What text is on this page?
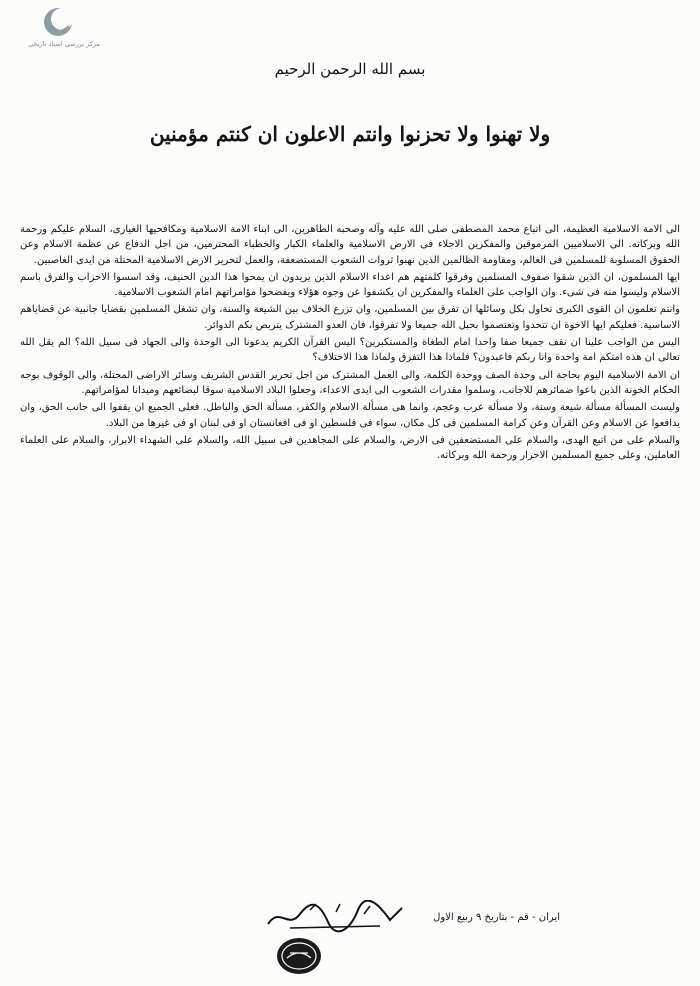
مرکز بررسی اسناد تاریخی
بسم الله الرحمن الرحیم
ولا تهنوا ولا تحزنوا وانتم الاعلون ان کنتم مؤمنین

الی الامة الاسلامیة العظیمة، الی اتباع محمد المصطفی صلی الله علیه وآله وصحبه الطاهرین، الی ابناء الامة الاسلامیة ومکافحیها الغیارى، السلام علیکم ورحمة الله وبرکاته. الی الاسلامیین المرموقین والمفکرین الاجلاء فی الارض الاسلامیة والعلماء الکبار والخطباء المحترمین، من اجل الدفاع عن عظمة الاسلام وعن الحقوق المسلوبة للمسلمین فی العالم، ومقاومة الظالمین الذین نهبوا ثروات الشعوب المستضعفة، والعمل لتحریر الارض الاسلامیة المحتلة من ایدی الغاصبین.

ایها المسلمون، ان الذین شقوا صفوف المسلمین وفرقوا کلمتهم هم اعداء الاسلام الذین یریدون ان یمحوا هذا الدین الحنیف، وقد اسسوا الاحزاب والفرق باسم الاسلام ولیسوا منه فی شیء. وان الواجب علی العلماء والمفکرین ان یکشفوا عن وجوه هؤلاء ویفضحوا مؤامراتهم امام الشعوب الاسلامیة.

وانتم تعلمون ان القوی الکبری تحاول بکل وسائلها ان تفرق بین المسلمین، وان تزرع الخلاف بین الشیعة والسنة، وان تشغل المسلمین بقضایا جانبیة عن قضایاهم الاساسیة. فعلیکم ایها الاخوة ان تتحدوا وتعتصموا بحبل الله جمیعا ولا تفرقوا، فان العدو المشترک یتربص بکم الدوائر.

الیس من الواجب علینا ان نقف جمیعا صفا واحدا امام الطغاة والمستکبرین؟ الیس القرآن الکریم یدعونا الی الوحدة والی الجهاد فی سبیل الله؟ الم یقل الله تعالی ان هذه امتکم امة واحدة وانا ربکم فاعبدون؟ فلماذا هذا التفرق ولماذا هذا الاختلاف؟

ان الامة الاسلامیة الیوم بحاجة الی وحدة الصف ووحدة الکلمة، والی العمل المشترک من اجل تحریر القدس الشریف وسائر الاراضی المحتلة، والی الوقوف بوجه الحکام الخونة الذین باعوا ضمائرهم للاجانب، وسلموا مقدرات الشعوب الی ایدی الاعداء، وجعلوا البلاد الاسلامیة سوقا لبضائعهم ومیدانا لمؤامراتهم.

ولیست المسألة مسألة شیعة وسنة، ولا مسألة عرب وعجم، وانما هی مسألة الاسلام والکفر، مسألة الحق والباطل. فعلی الجمیع ان یقفوا الی جانب الحق، وان یدافعوا عن الاسلام وعن القرآن وعن کرامة المسلمین فی کل مکان، سواء فی فلسطین او فی افغانستان او فی لبنان او فی غیرها من البلاد.

والسلام علی من اتبع الهدی، والسلام علی المستضعفین فی الارض، والسلام علی المجاهدین فی سبیل الله، والسلام علی الشهداء الابرار، والسلام علی العلماء العاملین، وعلی جمیع المسلمین الاحرار ورحمة الله وبرکاته.

ایران - قم - بتاریخ ۹ ربیع الاول
